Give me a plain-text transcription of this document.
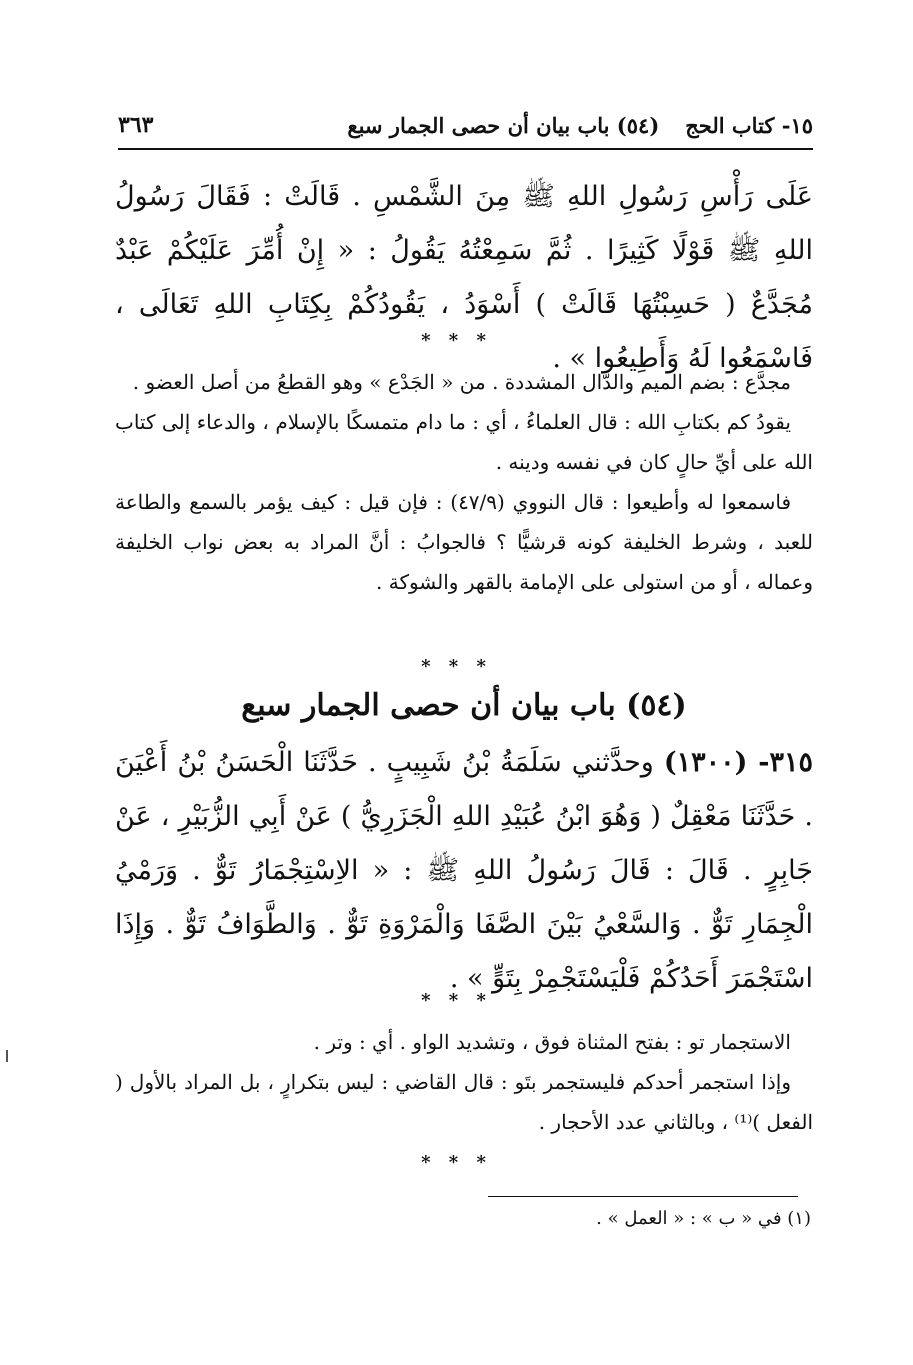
١٥- كتاب الحج
(٥٤) باب بيان أن حصى الجمار سبع
٣٦٣
عَلَى رَأْسِ رَسُولِ اللهِ ﷺ مِنَ الشَّمْسِ . قَالَتْ : فَقَالَ رَسُولُ اللهِ ﷺ قَوْلًا كَثِيرًا . ثُمَّ سَمِعْتُهُ يَقُولُ : « إِنْ أُمِّرَ عَلَيْكُمْ عَبْدٌ مُجَدَّعٌ ( حَسِبْتُهَا قَالَتْ ) أَسْوَدُ ، يَقُودُكُمْ بِكِتَابِ اللهِ تَعَالَى ، فَاسْمَعُوا لَهُ وَأَطِيعُوا » .
* * *

مجدَّع : بضم الميم والدَّال المشددة . من « الجَدْع » وهو القطعُ من أصل العضو .

يقودُ كم بكتابِ الله : قال العلماءُ ، أي : ما دام متمسكًا بالإسلام ، والدعاء إلى كتاب الله على أيِّ حالٍ كان في نفسه ودينه .

فاسمعوا له وأطيعوا : قال النووي (٤٧/٩) : فإن قيل : كيف يؤمر بالسمع والطاعة للعبد ، وشرط الخليفة كونه قرشيًّا ؟ فالجوابُ : أنَّ المراد به بعض نواب الخليفة وعماله ، أو من استولى على الإمامة بالقهر والشوكة .

* * *
(٥٤) باب بيان أن حصى الجمار سبع
٣١٥- (١٣٠٠) وحدَّثني سَلَمَةُ بْنُ شَبِيبٍ . حَدَّثَنَا الْحَسَنُ بْنُ أَعْيَنَ . حَدَّثَنَا مَعْقِلٌ ( وَهُوَ ابْنُ عُبَيْدِ اللهِ الْجَزَرِيُّ ) عَنْ أَبِي الزُّبَيْرِ ، عَنْ جَابِرٍ . قَالَ : قَالَ رَسُولُ اللهِ ﷺ : « الاِسْتِجْمَارُ تَوٌّ . وَرَمْيُ الْجِمَارِ تَوٌّ . وَالسَّعْيُ بَيْنَ الصَّفَا وَالْمَرْوَةِ تَوٌّ . وَالطَّوَافُ تَوٌّ . وَإِذَا اسْتَجْمَرَ أَحَدُكُمْ فَلْيَسْتَجْمِرْ بِتَوٍّ » .
* * *

الاستجمار تو : بفتح المثناة فوق ، وتشديد الواو . أي : وتر .

وإذا استجمر أحدكم فليستجمر بتَو : قال القاضي : ليس بتكرارٍ ، بل المراد بالأول ( الفعل )⁽¹⁾ ، وبالثاني عدد الأحجار .

* * *
(١) في « ب » : « العمل » .
